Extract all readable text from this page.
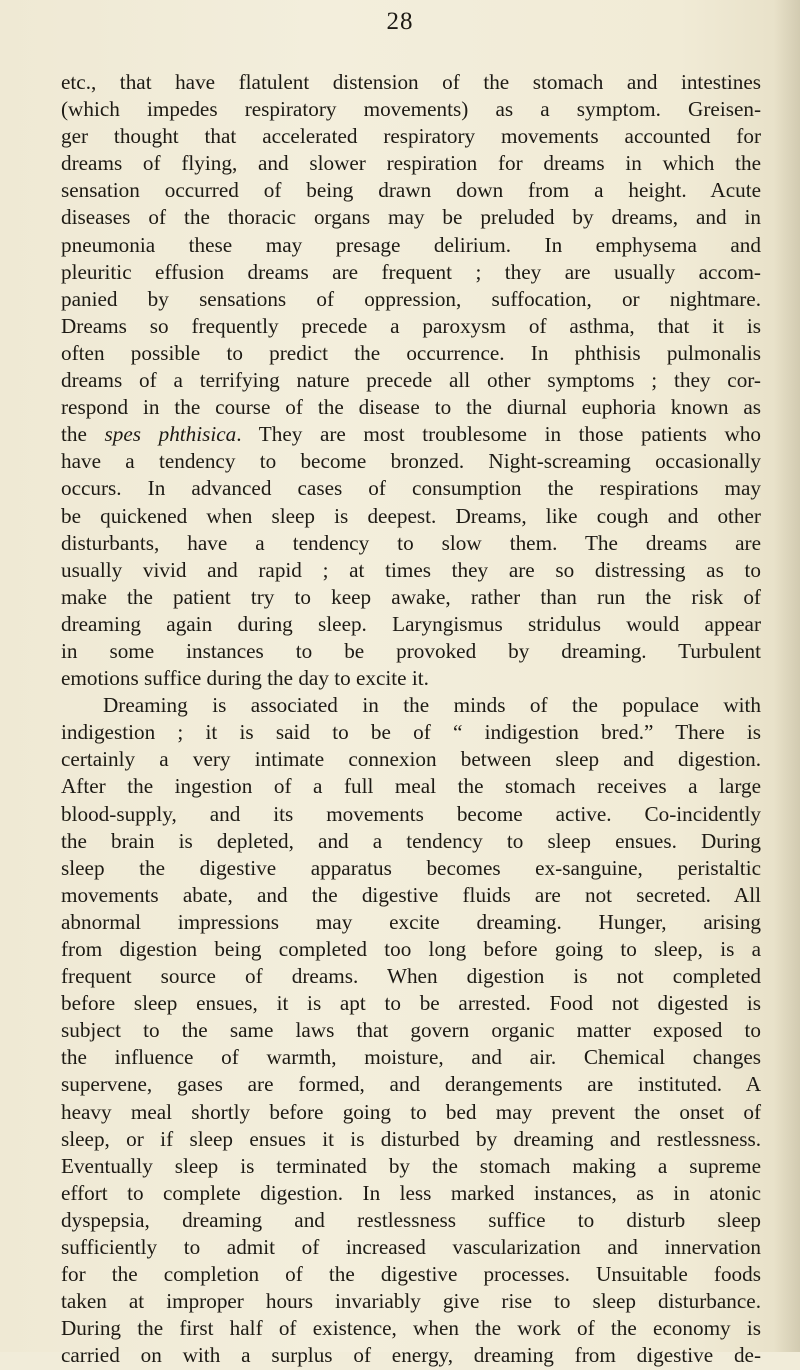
28
etc., that have flatulent distension of the stomach and intestines
(which impedes respiratory movements) as a symptom. Greisen-
ger thought that accelerated respiratory movements accounted for
dreams of flying, and slower respiration for dreams in which the
sensation occurred of being drawn down from a height. Acute
diseases of the thoracic organs may be preluded by dreams, and in
pneumonia these may presage delirium. In emphysema and
pleuritic effusion dreams are frequent ; they are usually accom-
panied by sensations of oppression, suffocation, or nightmare.
Dreams so frequently precede a paroxysm of asthma, that it is
often possible to predict the occurrence. In phthisis pulmonalis
dreams of a terrifying nature precede all other symptoms ; they cor-
respond in the course of the disease to the diurnal euphoria known as
the spes phthisica. They are most troublesome in those patients who
have a tendency to become bronzed. Night-screaming occasionally
occurs. In advanced cases of consumption the respirations may
be quickened when sleep is deepest. Dreams, like cough and other
disturbants, have a tendency to slow them. The dreams are
usually vivid and rapid ; at times they are so distressing as to
make the patient try to keep awake, rather than run the risk of
dreaming again during sleep. Laryngismus stridulus would appear
in some instances to be provoked by dreaming. Turbulent
emotions suffice during the day to excite it.
Dreaming is associated in the minds of the populace with
indigestion ; it is said to be of “ indigestion bred.” There is
certainly a very intimate connexion between sleep and digestion.
After the ingestion of a full meal the stomach receives a large
blood-supply, and its movements become active. Co-incidently
the brain is depleted, and a tendency to sleep ensues. During
sleep the digestive apparatus becomes ex-sanguine, peristaltic
movements abate, and the digestive fluids are not secreted. All
abnormal impressions may excite dreaming. Hunger, arising
from digestion being completed too long before going to sleep, is a
frequent source of dreams. When digestion is not completed
before sleep ensues, it is apt to be arrested. Food not digested is
subject to the same laws that govern organic matter exposed to
the influence of warmth, moisture, and air. Chemical changes
supervene, gases are formed, and derangements are instituted. A
heavy meal shortly before going to bed may prevent the onset of
sleep, or if sleep ensues it is disturbed by dreaming and restlessness.
Eventually sleep is terminated by the stomach making a supreme
effort to complete digestion. In less marked instances, as in atonic
dyspepsia, dreaming and restlessness suffice to disturb sleep
sufficiently to admit of increased vascularization and innervation
for the completion of the digestive processes. Unsuitable foods
taken at improper hours invariably give rise to sleep disturbance.
During the first half of existence, when the work of the economy is
carried on with a surplus of energy, dreaming from digestive de-
